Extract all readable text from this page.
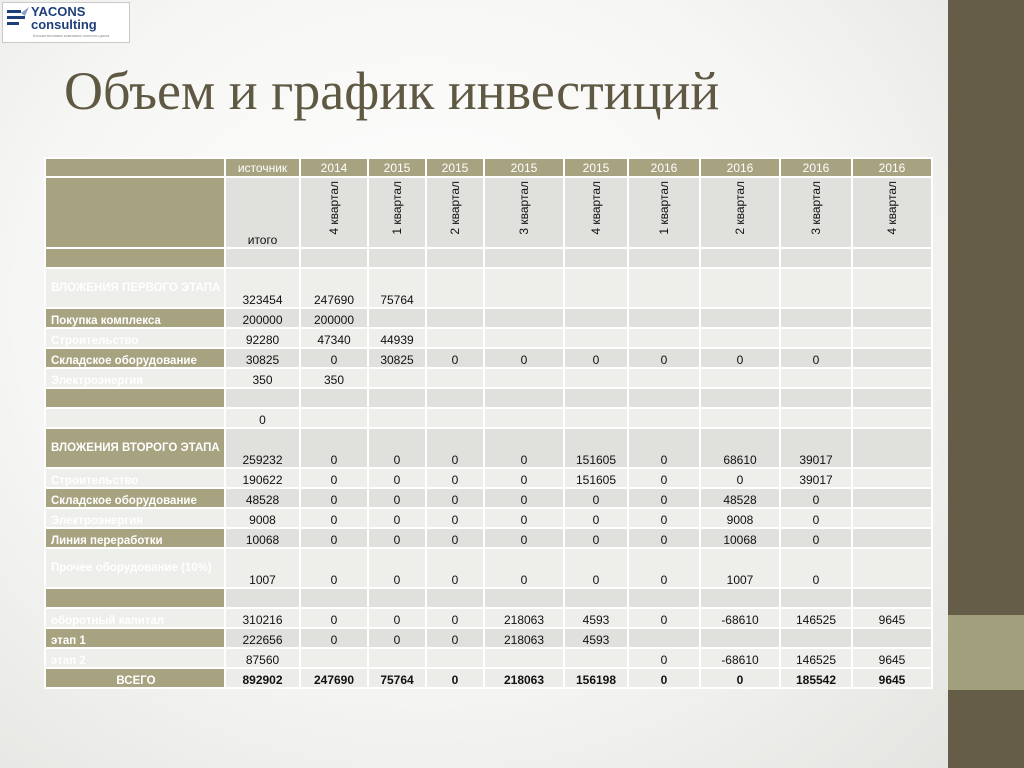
YACONS
consulting
Консалтинговая компания полного цикла
Объем и график инвестиций
	источник	2014	2015	2015	2015	2015	2016	2016	2016	2016
	итого	4 квартал	1 квартал	2 квартал	3 квартал	4 квартал	1 квартал	2 квартал	3 квартал	4 квартал

ВЛОЖЕНИЯ ПЕРВОГО ЭТАПА	323454	247690	75764							
Покупка комплекса	200000	200000								
Строительство	92280	47340	44939							
Складское оборудование	30825	0	30825	0	0	0	0	0	0	
Электроэнергия	350	350								

	0									
ВЛОЖЕНИЯ ВТОРОГО ЭТАПА	259232	0	0	0	0	151605	0	68610	39017	
Строительство	190622	0	0	0	0	151605	0	0	39017	
Складское оборудование	48528	0	0	0	0	0	0	48528	0	
Электроэнергия	9008	0	0	0	0	0	0	9008	0	
Линия переработки	10068	0	0	0	0	0	0	10068	0	
Прочее оборудование (10%)	1007	0	0	0	0	0	0	1007	0	

оборотный капитал	310216	0	0	0	218063	4593	0	-68610	146525	9645
этап 1	222656	0	0	0	218063	4593				
этап 2	87560						0	-68610	146525	9645
ВСЕГО	892902	247690	75764	0	218063	156198	0	0	185542	9645
